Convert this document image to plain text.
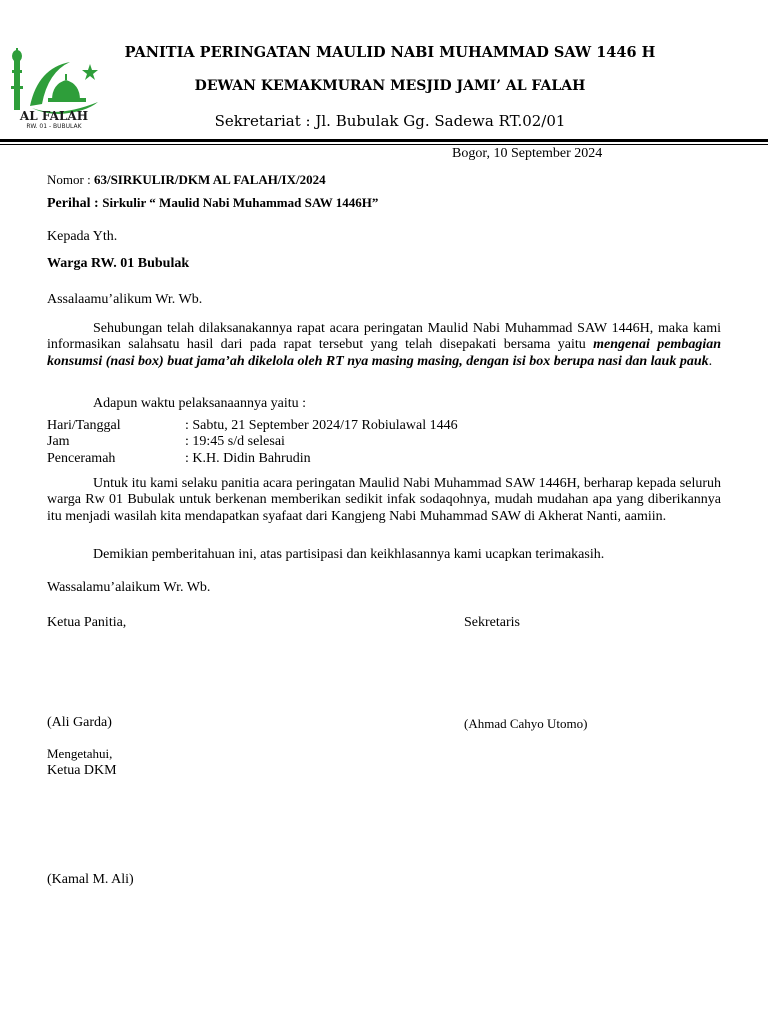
AL FALAH
RW. 01 - BUBULAK
PANITIA PERINGATAN MAULID NABI MUHAMMAD SAW 1446 H
DEWAN KEMAKMURAN MESJID JAMI’ AL FALAH
Sekretariat : Jl. Bubulak Gg. Sadewa RT.02/01
Bogor, 10 September 2024
Nomor : 63/SIRKULIR/DKM AL FALAH/IX/2024
Perihal : Sirkulir “ Maulid Nabi Muhammad SAW 1446H”
Kepada Yth.
Warga RW. 01 Bubulak
Assalaamu’alikum Wr. Wb.
Sehubungan telah dilaksanakannya rapat acara peringatan Maulid Nabi Muhammad SAW 1446H, maka kami informasikan salahsatu hasil dari pada rapat tersebut yang telah disepakati bersama yaitu mengenai pembagian konsumsi (nasi box) buat jama’ah dikelola oleh RT nya masing masing, dengan isi box berupa nasi dan lauk pauk.
Adapun waktu pelaksanaannya yaitu :
Hari/Tanggal	: Sabtu, 21 September 2024/17 Robiulawal 1446
Jam	: 19:45 s/d selesai
Penceramah	: K.H. Didin Bahrudin
Untuk itu kami selaku panitia acara peringatan Maulid Nabi Muhammad SAW 1446H, berharap kepada seluruh warga Rw 01 Bubulak untuk berkenan memberikan sedikit infak sodaqohnya, mudah mudahan apa yang diberikannya itu menjadi wasilah kita mendapatkan syafaat dari Kangjeng Nabi Muhammad SAW di Akherat Nanti, aamiin.
Demikian pemberitahuan ini, atas partisipasi dan keikhlasannya kami ucapkan terimakasih.
Wassalamu’alaikum Wr. Wb.
Ketua Panitia,	Sekretaris
(Ali Garda)	(Ahmad Cahyo Utomo)
Mengetahui,
Ketua DKM
(Kamal M. Ali)
